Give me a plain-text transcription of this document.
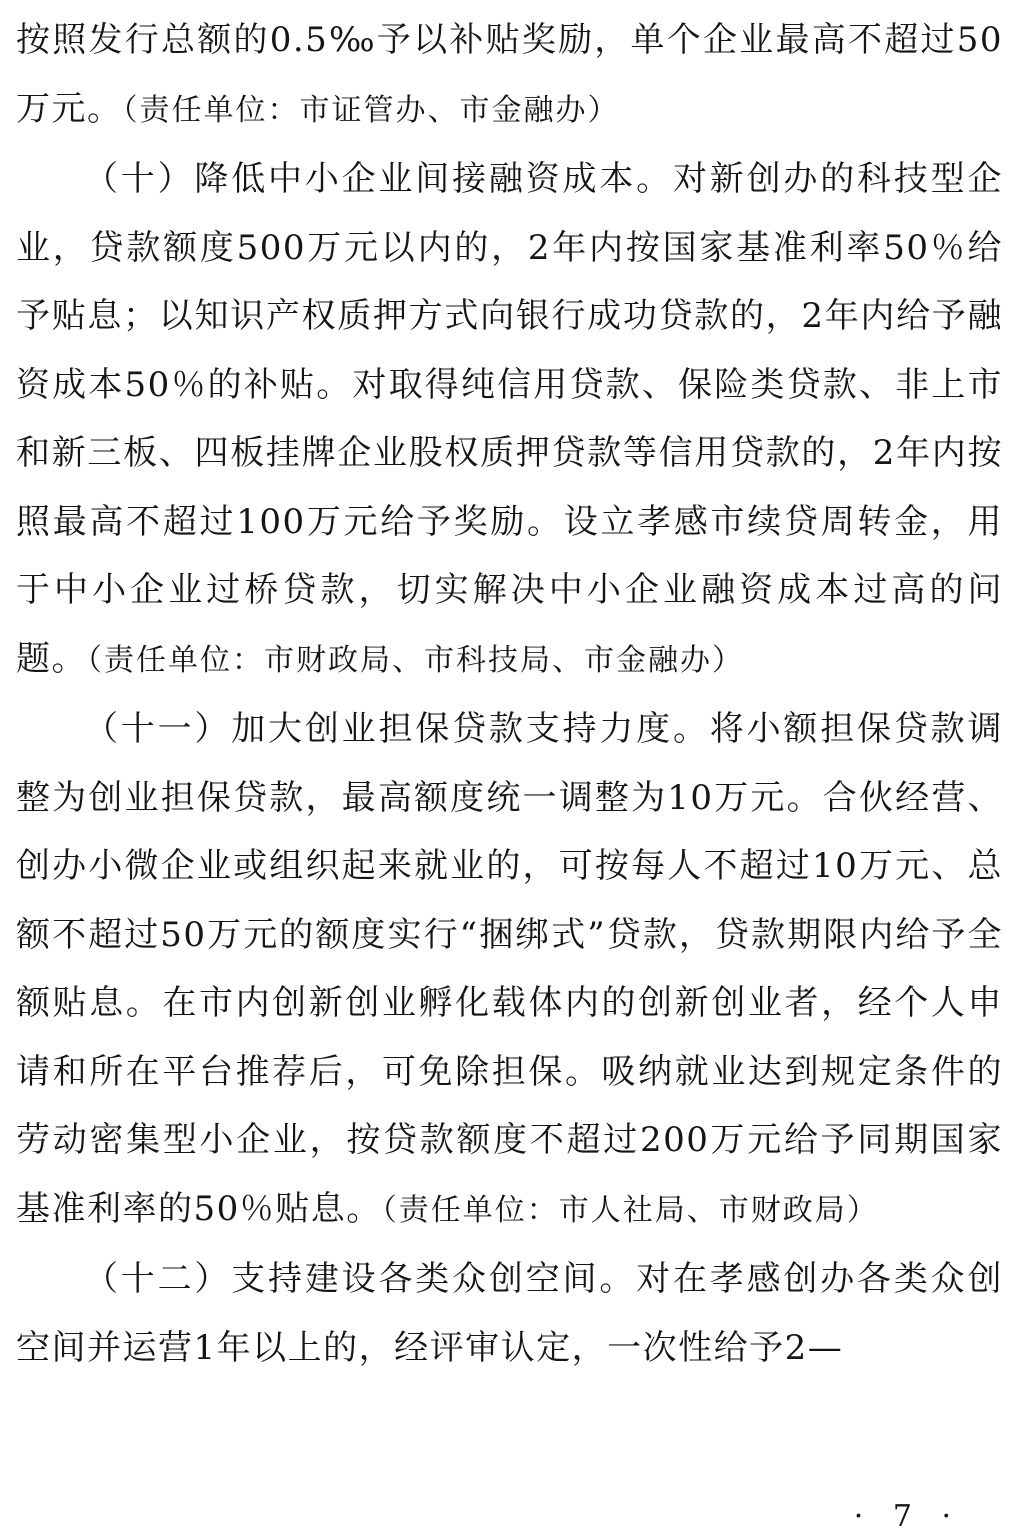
按照发行总额的0.5‰予以补贴奖励，单个企业最高不超过50万元。（责任单位：市证管办、市金融办）

（十）降低中小企业间接融资成本。对新创办的科技型企业，贷款额度500万元以内的，2年内按国家基准利率50％给予贴息；以知识产权质押方式向银行成功贷款的，2年内给予融资成本50％的补贴。对取得纯信用贷款、保险类贷款、非上市和新三板、四板挂牌企业股权质押贷款等信用贷款的，2年内按照最高不超过100万元给予奖励。设立孝感市续贷周转金，用于中小企业过桥贷款，切实解决中小企业融资成本过高的问题。（责任单位：市财政局、市科技局、市金融办）

（十一）加大创业担保贷款支持力度。将小额担保贷款调整为创业担保贷款，最高额度统一调整为10万元。合伙经营、创办小微企业或组织起来就业的，可按每人不超过10万元、总额不超过50万元的额度实行“捆绑式”贷款，贷款期限内给予全额贴息。在市内创新创业孵化载体内的创新创业者，经个人申请和所在平台推荐后，可免除担保。吸纳就业达到规定条件的劳动密集型小企业，按贷款额度不超过200万元给予同期国家基准利率的50％贴息。（责任单位：市人社局、市财政局）

（十二）支持建设各类众创空间。对在孝感创办各类众创空间并运营1年以上的，经评审认定，一次性给予2—

· 7 ·
